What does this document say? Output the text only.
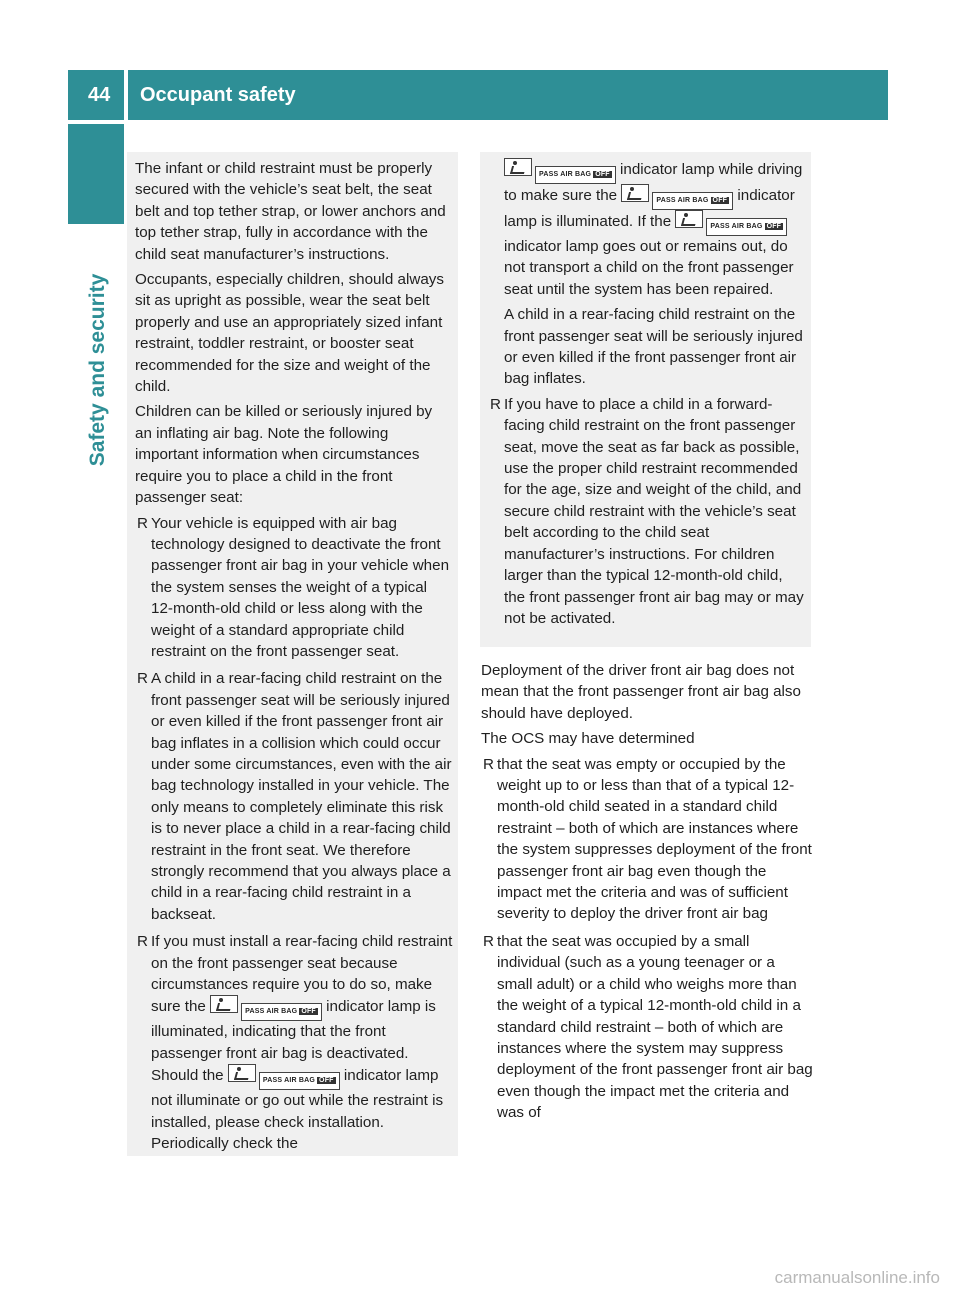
44 Occupant safety
Safety and security

The infant or child restraint must be properly secured with the vehicle’s seat belt, the seat belt and top tether strap, or lower anchors and top tether strap, fully in accordance with the child seat manufacturer’s instructions.

Occupants, especially children, should always sit as upright as possible, wear the seat belt properly and use an appropriately sized infant restraint, toddler restraint, or booster seat recommended for the size and weight of the child.

Children can be killed or seriously injured by an inflating air bag. Note the following important information when circumstances require you to place a child in the front passenger seat:

R Your vehicle is equipped with air bag technology designed to deactivate the front passenger front air bag in your vehicle when the system senses the weight of a typical 12-month-old child or less along with the weight of a standard appropriate child restraint on the front passenger seat.
R A child in a rear-facing child restraint on the front passenger seat will be seriously injured or even killed if the front passenger front air bag inflates in a collision which could occur under some circumstances, even with the air bag technology installed in your vehicle. The only means to completely eliminate this risk is to never place a child in a rear-facing child restraint in the front seat. We therefore strongly recommend that you always place a child in a rear-facing child restraint in a backseat.
R If you must install a rear-facing child restraint on the front passenger seat because circumstances require you to do so, make sure the	PASS AIR BAG OFF indicator lamp is illuminated, indicating that the front passenger front air bag is deactivated. Should the	PASS AIR BAG OFF indicator lamp not illuminate or go out while the restraint is installed, please check installation. Periodically check the

PASS AIR BAG OFF indicator lamp while driving to make sure the	PASS AIR BAG OFF indicator lamp is illuminated. If the	PASS AIR BAG OFF indicator lamp goes out or remains out, do not transport a child on the front passenger seat until the system has been repaired.

A child in a rear-facing child restraint on the front passenger seat will be seriously injured or even killed if the front passenger front air bag inflates.

R If you have to place a child in a forward-facing child restraint on the front passenger seat, move the seat as far back as possible, use the proper child restraint recommended for the age, size and weight of the child, and secure child restraint with the vehicle’s seat belt according to the child seat manufacturer’s instructions. For children larger than the typical 12-month-old child, the front passenger front air bag may or may not be activated.

Deployment of the driver front air bag does not mean that the front passenger front air bag also should have deployed.

The OCS may have determined

R that the seat was empty or occupied by the weight up to or less than that of a typical 12-month-old child seated in a standard child restraint – both of which are instances where the system suppresses deployment of the front passenger front air bag even though the impact met the criteria and was of sufficient severity to deploy the driver front air bag
R that the seat was occupied by a small individual (such as a young teenager or a small adult) or a child who weighs more than the weight of a typical 12-month-old child in a standard child restraint – both of which are instances where the system may suppress deployment of the front passenger front air bag even though the impact met the criteria and was of
carmanualsonline.info
